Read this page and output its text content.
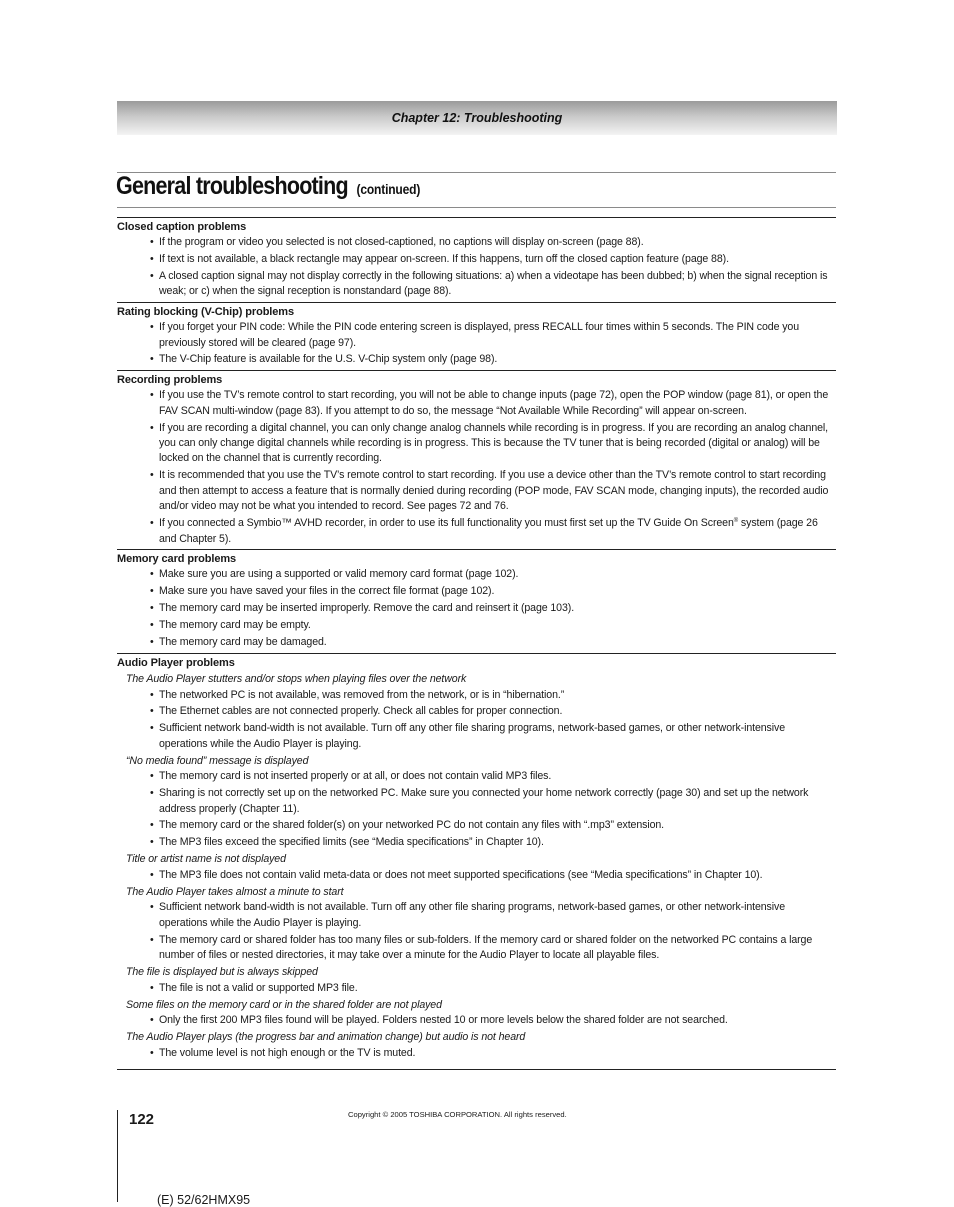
Chapter 12: Troubleshooting
General troubleshooting (continued)
Closed caption problems
• If the program or video you selected is not closed-captioned, no captions will display on-screen (page 88).
• If text is not available, a black rectangle may appear on-screen. If this happens, turn off the closed caption feature (page 88).
• A closed caption signal may not display correctly in the following situations: a) when a videotape has been dubbed; b) when the signal reception is weak; or c) when the signal reception is nonstandard (page 88).
Rating blocking (V-Chip) problems
• If you forget your PIN code: While the PIN code entering screen is displayed, press RECALL four times within 5 seconds. The PIN code you previously stored will be cleared (page 97).
• The V-Chip feature is available for the U.S. V-Chip system only (page 98).
Recording problems
• If you use the TV’s remote control to start recording, you will not be able to change inputs (page 72), open the POP window (page 81), or open the FAV SCAN multi-window (page 83). If you attempt to do so, the message “Not Available While Recording” will appear on-screen.
• If you are recording a digital channel, you can only change analog channels while recording is in progress. If you are recording an analog channel, you can only change digital channels while recording is in progress. This is because the TV tuner that is being recorded (digital or analog) will be locked on the channel that is currently recording.
• It is recommended that you use the TV’s remote control to start recording. If you use a device other than the TV’s remote control to start recording and then attempt to access a feature that is normally denied during recording (POP mode, FAV SCAN mode, changing inputs), the recorded audio and/or video may not be what you intended to record. See pages 72 and 76.
• If you connected a Symbio™ AVHD recorder, in order to use its full functionality you must first set up the TV Guide On Screen® system (page 26 and Chapter 5).
Memory card problems
• Make sure you are using a supported or valid memory card format (page 102).
• Make sure you have saved your files in the correct file format (page 102).
• The memory card may be inserted improperly. Remove the card and reinsert it (page 103).
• The memory card may be empty.
• The memory card may be damaged.
Audio Player problems
The Audio Player stutters and/or stops when playing files over the network
• The networked PC is not available, was removed from the network, or is in “hibernation.”
• The Ethernet cables are not connected properly. Check all cables for proper connection.
• Sufficient network band-width is not available. Turn off any other file sharing programs, network-based games, or other network-intensive operations while the Audio Player is playing.
“No media found” message is displayed
• The memory card is not inserted properly or at all, or does not contain valid MP3 files.
• Sharing is not correctly set up on the networked PC. Make sure you connected your home network correctly (page 30) and set up the network address properly (Chapter 11).
• The memory card or the shared folder(s) on your networked PC do not contain any files with “.mp3” extension.
• The MP3 files exceed the specified limits (see “Media specifications” in Chapter 10).
Title or artist name is not displayed
• The MP3 file does not contain valid meta-data or does not meet supported specifications (see “Media specifications” in Chapter 10).
The Audio Player takes almost a minute to start
• Sufficient network band-width is not available. Turn off any other file sharing programs, network-based games, or other network-intensive operations while the Audio Player is playing.
• The memory card or shared folder has too many files or sub-folders. If the memory card or shared folder on the networked PC contains a large number of files or nested directories, it may take over a minute for the Audio Player to locate all playable files.
The file is displayed but is always skipped
• The file is not a valid or supported MP3 file.
Some files on the memory card or in the shared folder are not played
• Only the first 200 MP3 files found will be played. Folders nested 10 or more levels below the shared folder are not searched.
The Audio Player plays (the progress bar and animation change) but audio is not heard
• The volume level is not high enough or the TV is muted.
122	Copyright © 2005 TOSHIBA CORPORATION. All rights reserved.
(E) 52/62HMX95
